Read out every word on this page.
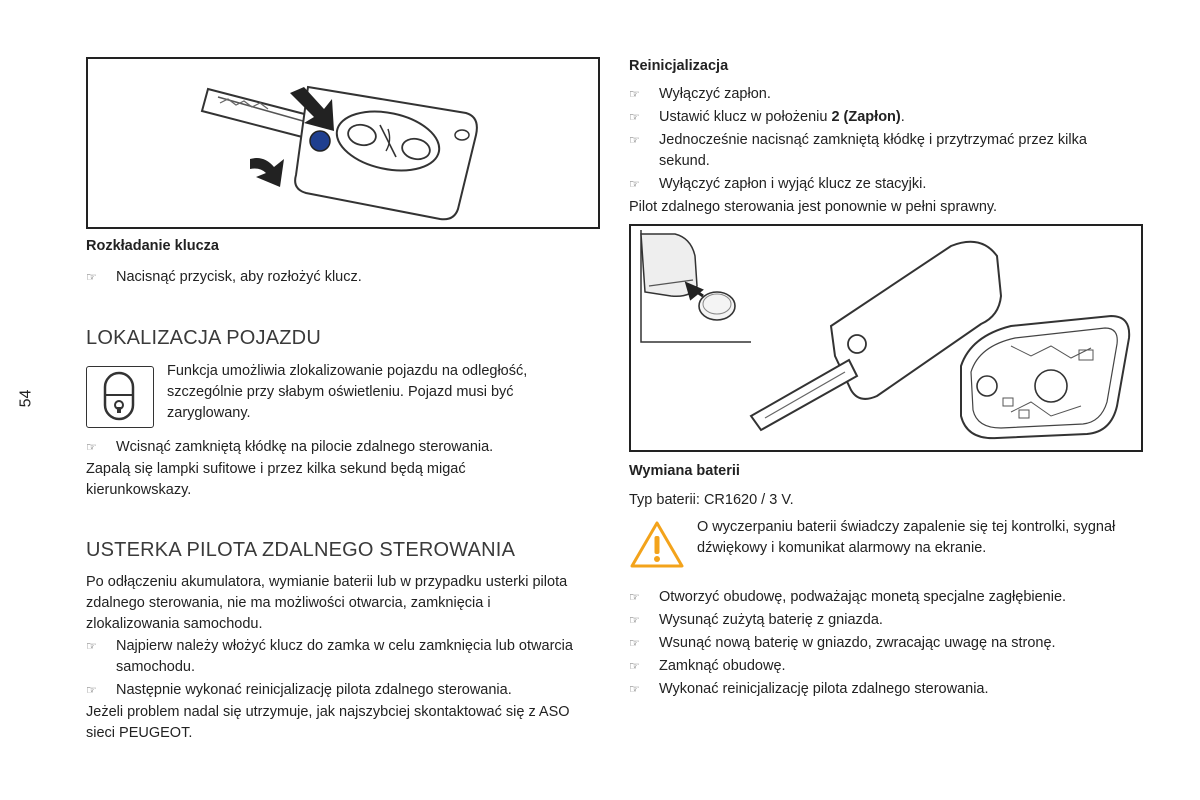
54
Rozkładanie klucza
☞ Nacisnąć przycisk, aby rozłożyć klucz.
LOKALIZACJA POJAZDU
Funkcja umożliwia zlokalizowanie pojazdu na odległość, szczególnie przy słabym oświetleniu. Pojazd musi być zaryglowany.
☞ Wcisnąć zamkniętą kłódkę na pilocie zdalnego sterowania.
Zapalą się lampki sufitowe i przez kilka sekund będą migać kierunkowskazy.
USTERKA PILOTA ZDALNEGO STEROWANIA
Po odłączeniu akumulatora, wymianie baterii lub w przypadku usterki pilota zdalnego sterowania, nie ma możliwości otwarcia, zamknięcia i zlokalizowania samochodu.
☞ Najpierw należy włożyć klucz do zamka w celu zamknięcia lub otwarcia samochodu.
☞ Następnie wykonać reinicjalizację pilota zdalnego sterowania.
Jeżeli problem nadal się utrzymuje, jak najszybciej skontaktować się z ASO sieci PEUGEOT.
Reinicjalizacja
☞ Wyłączyć zapłon.
☞ Ustawić klucz w położeniu 2 (Zapłon).
☞ Jednocześnie nacisnąć zamkniętą kłódkę i przytrzymać przez kilka sekund.
☞ Wyłączyć zapłon i wyjąć klucz ze stacyjki.
Pilot zdalnego sterowania jest ponownie w pełni sprawny.
Wymiana baterii
Typ baterii: CR1620 / 3 V.
O wyczerpaniu baterii świadczy zapalenie się tej kontrolki, sygnał dźwiękowy i komunikat alarmowy na ekranie.
☞ Otworzyć obudowę, podważając monetą specjalne zagłębienie.
☞ Wysunąć zużytą baterię z gniazda.
☞ Wsunąć nową baterię w gniazdo, zwracając uwagę na stronę.
☞ Zamknąć obudowę.
☞ Wykonać reinicjalizację pilota zdalnego sterowania.
